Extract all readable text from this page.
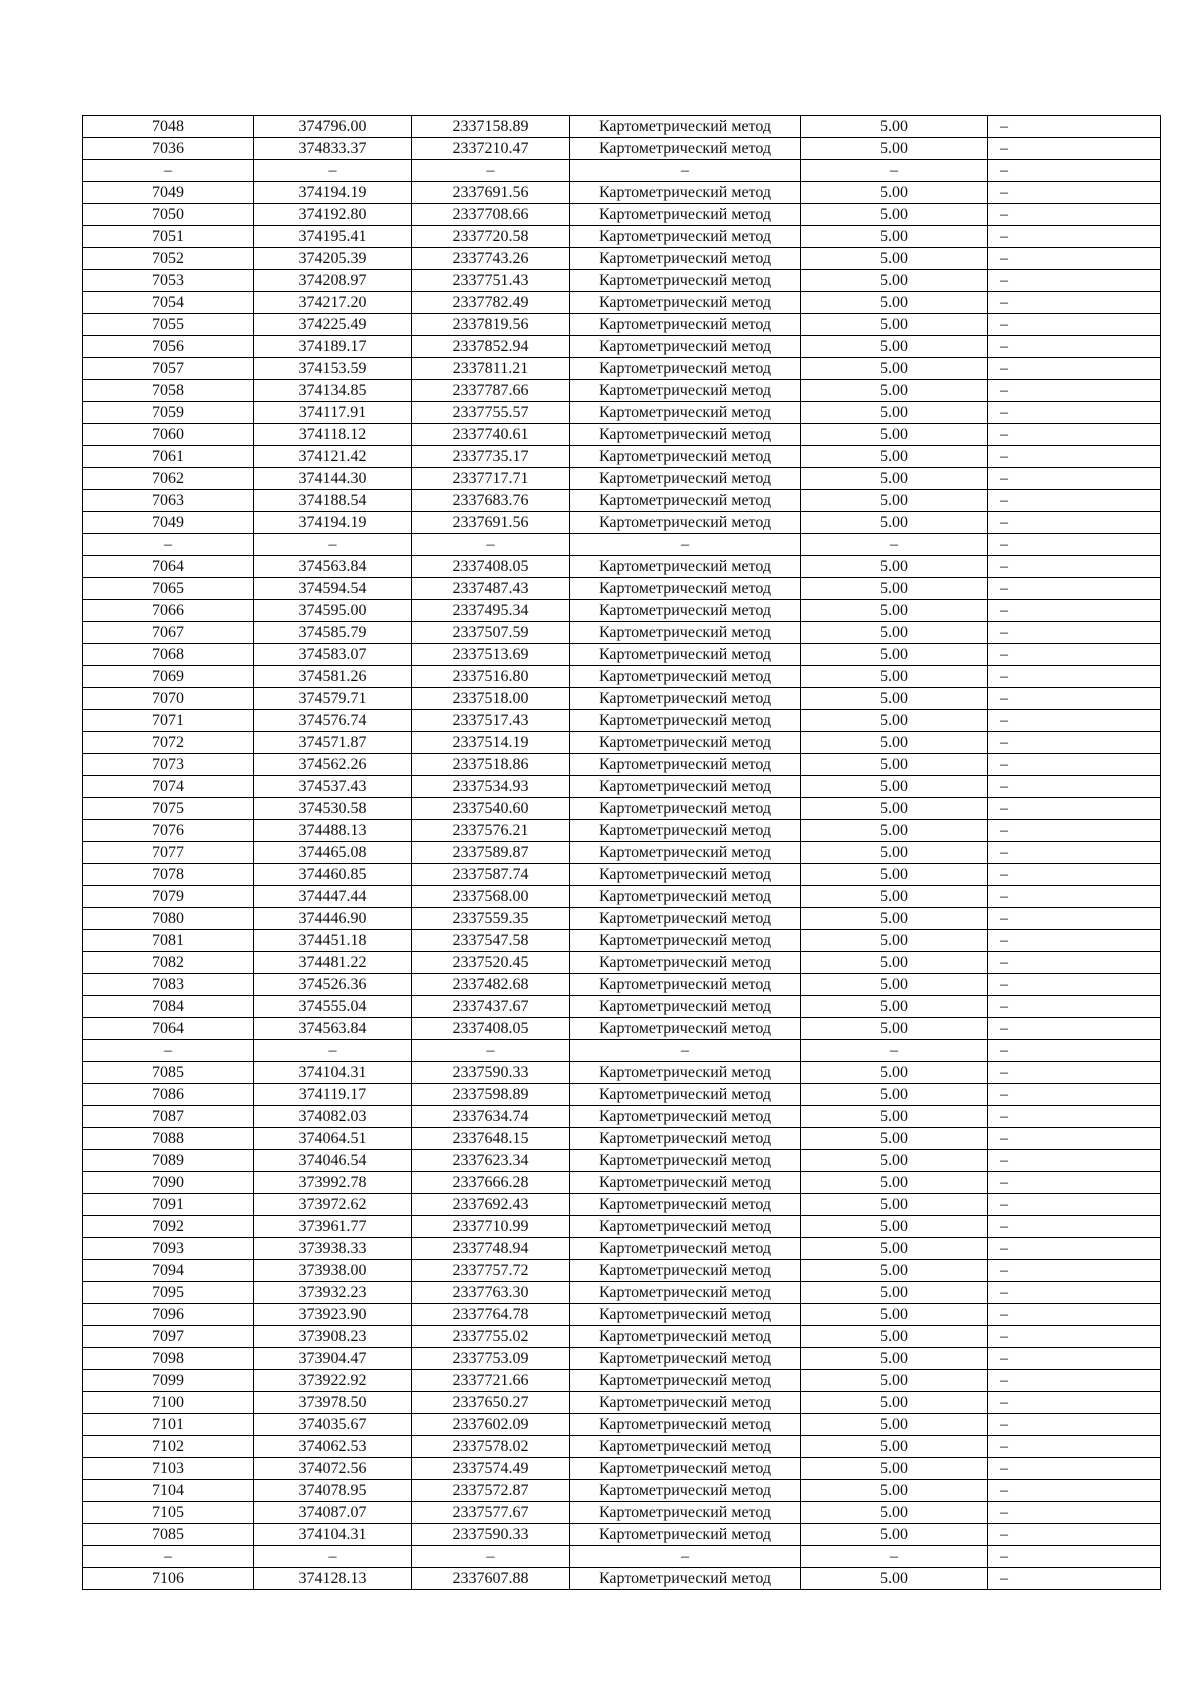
7048	374796.00	2337158.89	Картометрический метод	5.00	–
7036	374833.37	2337210.47	Картометрический метод	5.00	–
–	–	–	–	–	–
7049	374194.19	2337691.56	Картометрический метод	5.00	–
7050	374192.80	2337708.66	Картометрический метод	5.00	–
7051	374195.41	2337720.58	Картометрический метод	5.00	–
7052	374205.39	2337743.26	Картометрический метод	5.00	–
7053	374208.97	2337751.43	Картометрический метод	5.00	–
7054	374217.20	2337782.49	Картометрический метод	5.00	–
7055	374225.49	2337819.56	Картометрический метод	5.00	–
7056	374189.17	2337852.94	Картометрический метод	5.00	–
7057	374153.59	2337811.21	Картометрический метод	5.00	–
7058	374134.85	2337787.66	Картометрический метод	5.00	–
7059	374117.91	2337755.57	Картометрический метод	5.00	–
7060	374118.12	2337740.61	Картометрический метод	5.00	–
7061	374121.42	2337735.17	Картометрический метод	5.00	–
7062	374144.30	2337717.71	Картометрический метод	5.00	–
7063	374188.54	2337683.76	Картометрический метод	5.00	–
7049	374194.19	2337691.56	Картометрический метод	5.00	–
–	–	–	–	–	–
7064	374563.84	2337408.05	Картометрический метод	5.00	–
7065	374594.54	2337487.43	Картометрический метод	5.00	–
7066	374595.00	2337495.34	Картометрический метод	5.00	–
7067	374585.79	2337507.59	Картометрический метод	5.00	–
7068	374583.07	2337513.69	Картометрический метод	5.00	–
7069	374581.26	2337516.80	Картометрический метод	5.00	–
7070	374579.71	2337518.00	Картометрический метод	5.00	–
7071	374576.74	2337517.43	Картометрический метод	5.00	–
7072	374571.87	2337514.19	Картометрический метод	5.00	–
7073	374562.26	2337518.86	Картометрический метод	5.00	–
7074	374537.43	2337534.93	Картометрический метод	5.00	–
7075	374530.58	2337540.60	Картометрический метод	5.00	–
7076	374488.13	2337576.21	Картометрический метод	5.00	–
7077	374465.08	2337589.87	Картометрический метод	5.00	–
7078	374460.85	2337587.74	Картометрический метод	5.00	–
7079	374447.44	2337568.00	Картометрический метод	5.00	–
7080	374446.90	2337559.35	Картометрический метод	5.00	–
7081	374451.18	2337547.58	Картометрический метод	5.00	–
7082	374481.22	2337520.45	Картометрический метод	5.00	–
7083	374526.36	2337482.68	Картометрический метод	5.00	–
7084	374555.04	2337437.67	Картометрический метод	5.00	–
7064	374563.84	2337408.05	Картометрический метод	5.00	–
–	–	–	–	–	–
7085	374104.31	2337590.33	Картометрический метод	5.00	–
7086	374119.17	2337598.89	Картометрический метод	5.00	–
7087	374082.03	2337634.74	Картометрический метод	5.00	–
7088	374064.51	2337648.15	Картометрический метод	5.00	–
7089	374046.54	2337623.34	Картометрический метод	5.00	–
7090	373992.78	2337666.28	Картометрический метод	5.00	–
7091	373972.62	2337692.43	Картометрический метод	5.00	–
7092	373961.77	2337710.99	Картометрический метод	5.00	–
7093	373938.33	2337748.94	Картометрический метод	5.00	–
7094	373938.00	2337757.72	Картометрический метод	5.00	–
7095	373932.23	2337763.30	Картометрический метод	5.00	–
7096	373923.90	2337764.78	Картометрический метод	5.00	–
7097	373908.23	2337755.02	Картометрический метод	5.00	–
7098	373904.47	2337753.09	Картометрический метод	5.00	–
7099	373922.92	2337721.66	Картометрический метод	5.00	–
7100	373978.50	2337650.27	Картометрический метод	5.00	–
7101	374035.67	2337602.09	Картометрический метод	5.00	–
7102	374062.53	2337578.02	Картометрический метод	5.00	–
7103	374072.56	2337574.49	Картометрический метод	5.00	–
7104	374078.95	2337572.87	Картометрический метод	5.00	–
7105	374087.07	2337577.67	Картометрический метод	5.00	–
7085	374104.31	2337590.33	Картометрический метод	5.00	–
–	–	–	–	–	–
7106	374128.13	2337607.88	Картометрический метод	5.00	–
